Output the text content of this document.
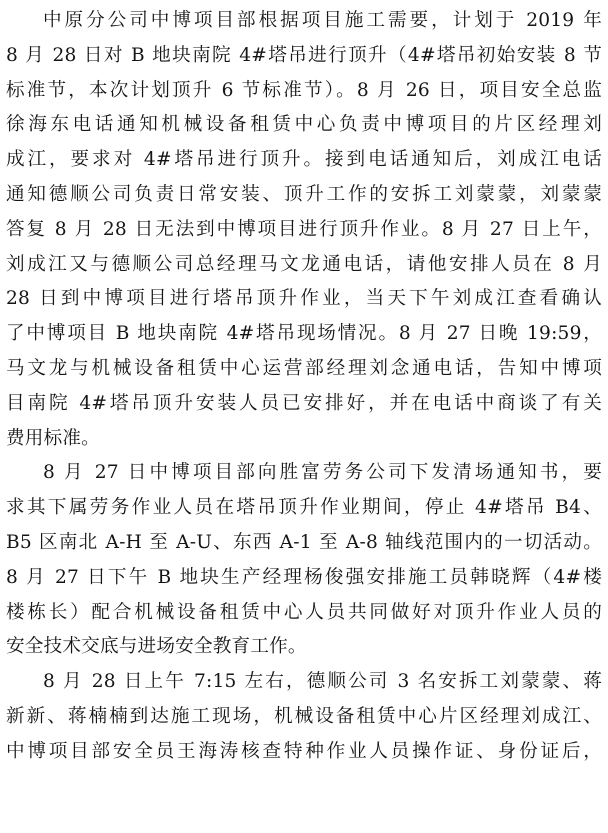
中原分公司中博项目部根据项目施工需要，计划于 2019 年
8 月 28 日对 B 地块南院 4#塔吊进行顶升（4#塔吊初始安装 8 节
标准节，本次计划顶升 6 节标准节）。8 月 26 日，项目安全总监
徐海东电话通知机械设备租赁中心负责中博项目的片区经理刘
成江，要求对 4#塔吊进行顶升。接到电话通知后，刘成江电话
通知德顺公司负责日常安装、顶升工作的安拆工刘蒙蒙，刘蒙蒙
答复 8 月 28 日无法到中博项目进行顶升作业。8 月 27 日上午，
刘成江又与德顺公司总经理马文龙通电话，请他安排人员在 8 月
28 日到中博项目进行塔吊顶升作业，当天下午刘成江查看确认
了中博项目 B 地块南院 4#塔吊现场情况。8 月 27 日晚 19:59，
马文龙与机械设备租赁中心运营部经理刘念通电话，告知中博项
目南院 4#塔吊顶升安装人员已安排好，并在电话中商谈了有关
费用标准。
8 月 27 日中博项目部向胜富劳务公司下发清场通知书，要
求其下属劳务作业人员在塔吊顶升作业期间，停止 4#塔吊 B4、
B5 区南北 A-H 至 A-U、东西 A-1 至 A-8 轴线范围内的一切活动。
8 月 27 日下午 B 地块生产经理杨俊强安排施工员韩晓辉（4#楼
楼栋长）配合机械设备租赁中心人员共同做好对顶升作业人员的
安全技术交底与进场安全教育工作。
8 月 28 日上午 7:15 左右，德顺公司 3 名安拆工刘蒙蒙、蒋
新新、蒋楠楠到达施工现场，机械设备租赁中心片区经理刘成江、
中博项目部安全员王海涛核查特种作业人员操作证、身份证后，
